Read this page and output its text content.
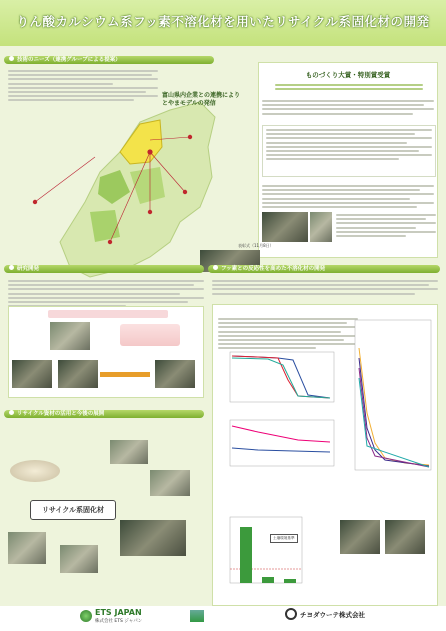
りん酸カルシウム系フッ素不溶化材を用いたリサイクル系固化材の開発
技術のニーズ（連携グループによる提案）
富山県内企業との連携により
とやまモデルの発信
ものづくり大賞・特別賞受賞
表彰式（11月8日）
研究開発
リサイクル資材の活用と今後の展開
リサイクル系固化材
フッ素との反応性を高めた不溶化材の開発
土壌環境基準
ETS JAPAN
株式会社 ETS ジャパン
チヨダウーテ株式会社
